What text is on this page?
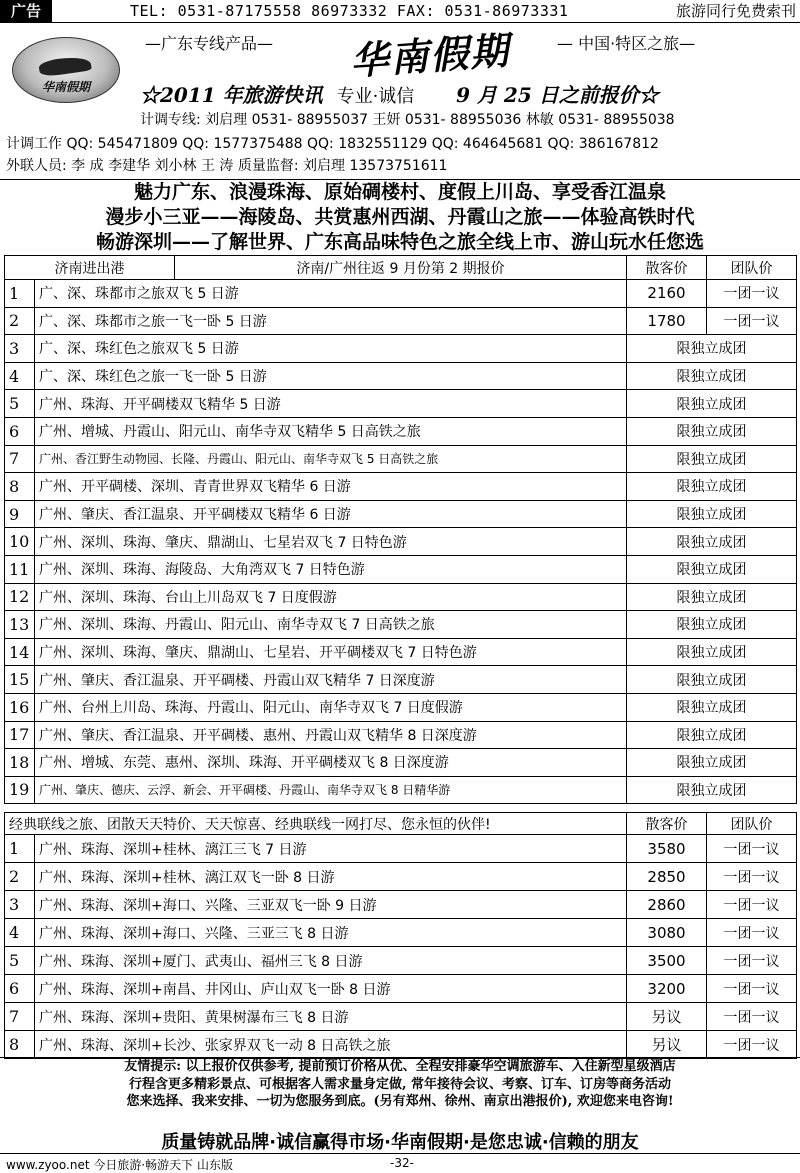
广告	TEL: 0531-87175558 86973332 FAX: 0531-86973331	旅游同行免费索刊
华南假期
—广东专线产品— 华南假期	— 中国·特区之旅—
☆2011 年旅游快讯 专业·诚信 9 月 25 日之前报价☆
计调专线: 刘启理 0531- 88955037 王妍 0531- 88955036 林敏 0531- 88955038
计调工作 QQ: 545471809 QQ: 1577375488 QQ: 1832551129 QQ: 464645681 QQ: 386167812
外联人员: 李 成 李建华 刘小林 王 涛 质量监督: 刘启理 13573751611
魅力广东、浪漫珠海、原始碉楼村、度假上川岛、享受香江温泉
漫步小三亚——海陵岛、共赏惠州西湖、丹霞山之旅——体验高铁时代
畅游深圳——了解世界、广东高品味特色之旅全线上市、游山玩水任您选
济南进出港		济南/广州往返 9 月份第 2 期报价	散客价	团队价
1	广、深、珠都市之旅双飞 5 日游		2160	一团一议
2	广、深、珠都市之旅一飞一卧 5 日游		1780	一团一议
3	广、深、珠红色之旅双飞 5 日游		限独立成团	
4	广、深、珠红色之旅一飞一卧 5 日游		限独立成团	
5	广州、珠海、开平碉楼双飞精华 5 日游		限独立成团	
6	广州、增城、丹霞山、阳元山、南华寺双飞精华 5 日高铁之旅		限独立成团	
7	广州、香江野生动物园、长隆、丹霞山、阳元山、南华寺双飞 5 日高铁之旅		限独立成团	
8	广州、开平碉楼、深圳、青青世界双飞精华 6 日游		限独立成团	
9	广州、肇庆、香江温泉、开平碉楼双飞精华 6 日游		限独立成团	
10	广州、深圳、珠海、肇庆、鼎湖山、七星岩双飞 7 日特色游		限独立成团	
11	广州、深圳、珠海、海陵岛、大角湾双飞 7 日特色游		限独立成团	
12	广州、深圳、珠海、台山上川岛双飞 7 日度假游		限独立成团	
13	广州、深圳、珠海、丹霞山、阳元山、南华寺双飞 7 日高铁之旅		限独立成团	
14	广州、深圳、珠海、肇庆、鼎湖山、七星岩、开平碉楼双飞 7 日特色游		限独立成团	
15	广州、肇庆、香江温泉、开平碉楼、丹霞山双飞精华 7 日深度游		限独立成团	
16	广州、台州上川岛、珠海、丹霞山、阳元山、南华寺双飞 7 日度假游		限独立成团	
17	广州、肇庆、香江温泉、开平碉楼、惠州、丹霞山双飞精华 8 日深度游		限独立成团	
18	广州、增城、东莞、惠州、深圳、珠海、开平碉楼双飞 8 日深度游		限独立成团	
19	广州、肇庆、德庆、云浮、新会、开平碉楼、丹霞山、南华寺双飞 8 日精华游		限独立成团	
经典联线之旅、团散天天特价、天天惊喜、经典联线一网打尽、您永恒的伙伴!		散客价	团队价
1	广州、珠海、深圳+桂林、漓江三飞 7 日游	3580	一团一议
2	广州、珠海、深圳+桂林、漓江双飞一卧 8 日游	2850	一团一议
3	广州、珠海、深圳+海口、兴隆、三亚双飞一卧 9 日游	2860	一团一议
4	广州、珠海、深圳+海口、兴隆、三亚三飞 8 日游	3080	一团一议
5	广州、珠海、深圳+厦门、武夷山、福州三飞 8 日游	3500	一团一议
6	广州、珠海、深圳+南昌、井冈山、庐山双飞一卧 8 日游	3200	一团一议
7	广州、珠海、深圳+贵阳、黄果树瀑布三飞 8 日游	另议	一团一议
8	广州、珠海、深圳+长沙、张家界双飞一动 8 日高铁之旅	另议	一团一议
友情提示: 以上报价仅供参考, 提前预订价格从优、全程安排豪华空调旅游车、入住新型星级酒店
行程含更多精彩景点、可根据客人需求量身定做, 常年接待会议、考察、订车、订房等商务活动
您来选择、我来安排、一切为您服务到底。(另有郑州、徐州、南京出港报价), 欢迎您来电咨询!
质量铸就品牌·诚信赢得市场·华南假期·是您忠诚·信赖的朋友
www.zyoo.net 今日旅游·畅游天下 山东版	-32-
